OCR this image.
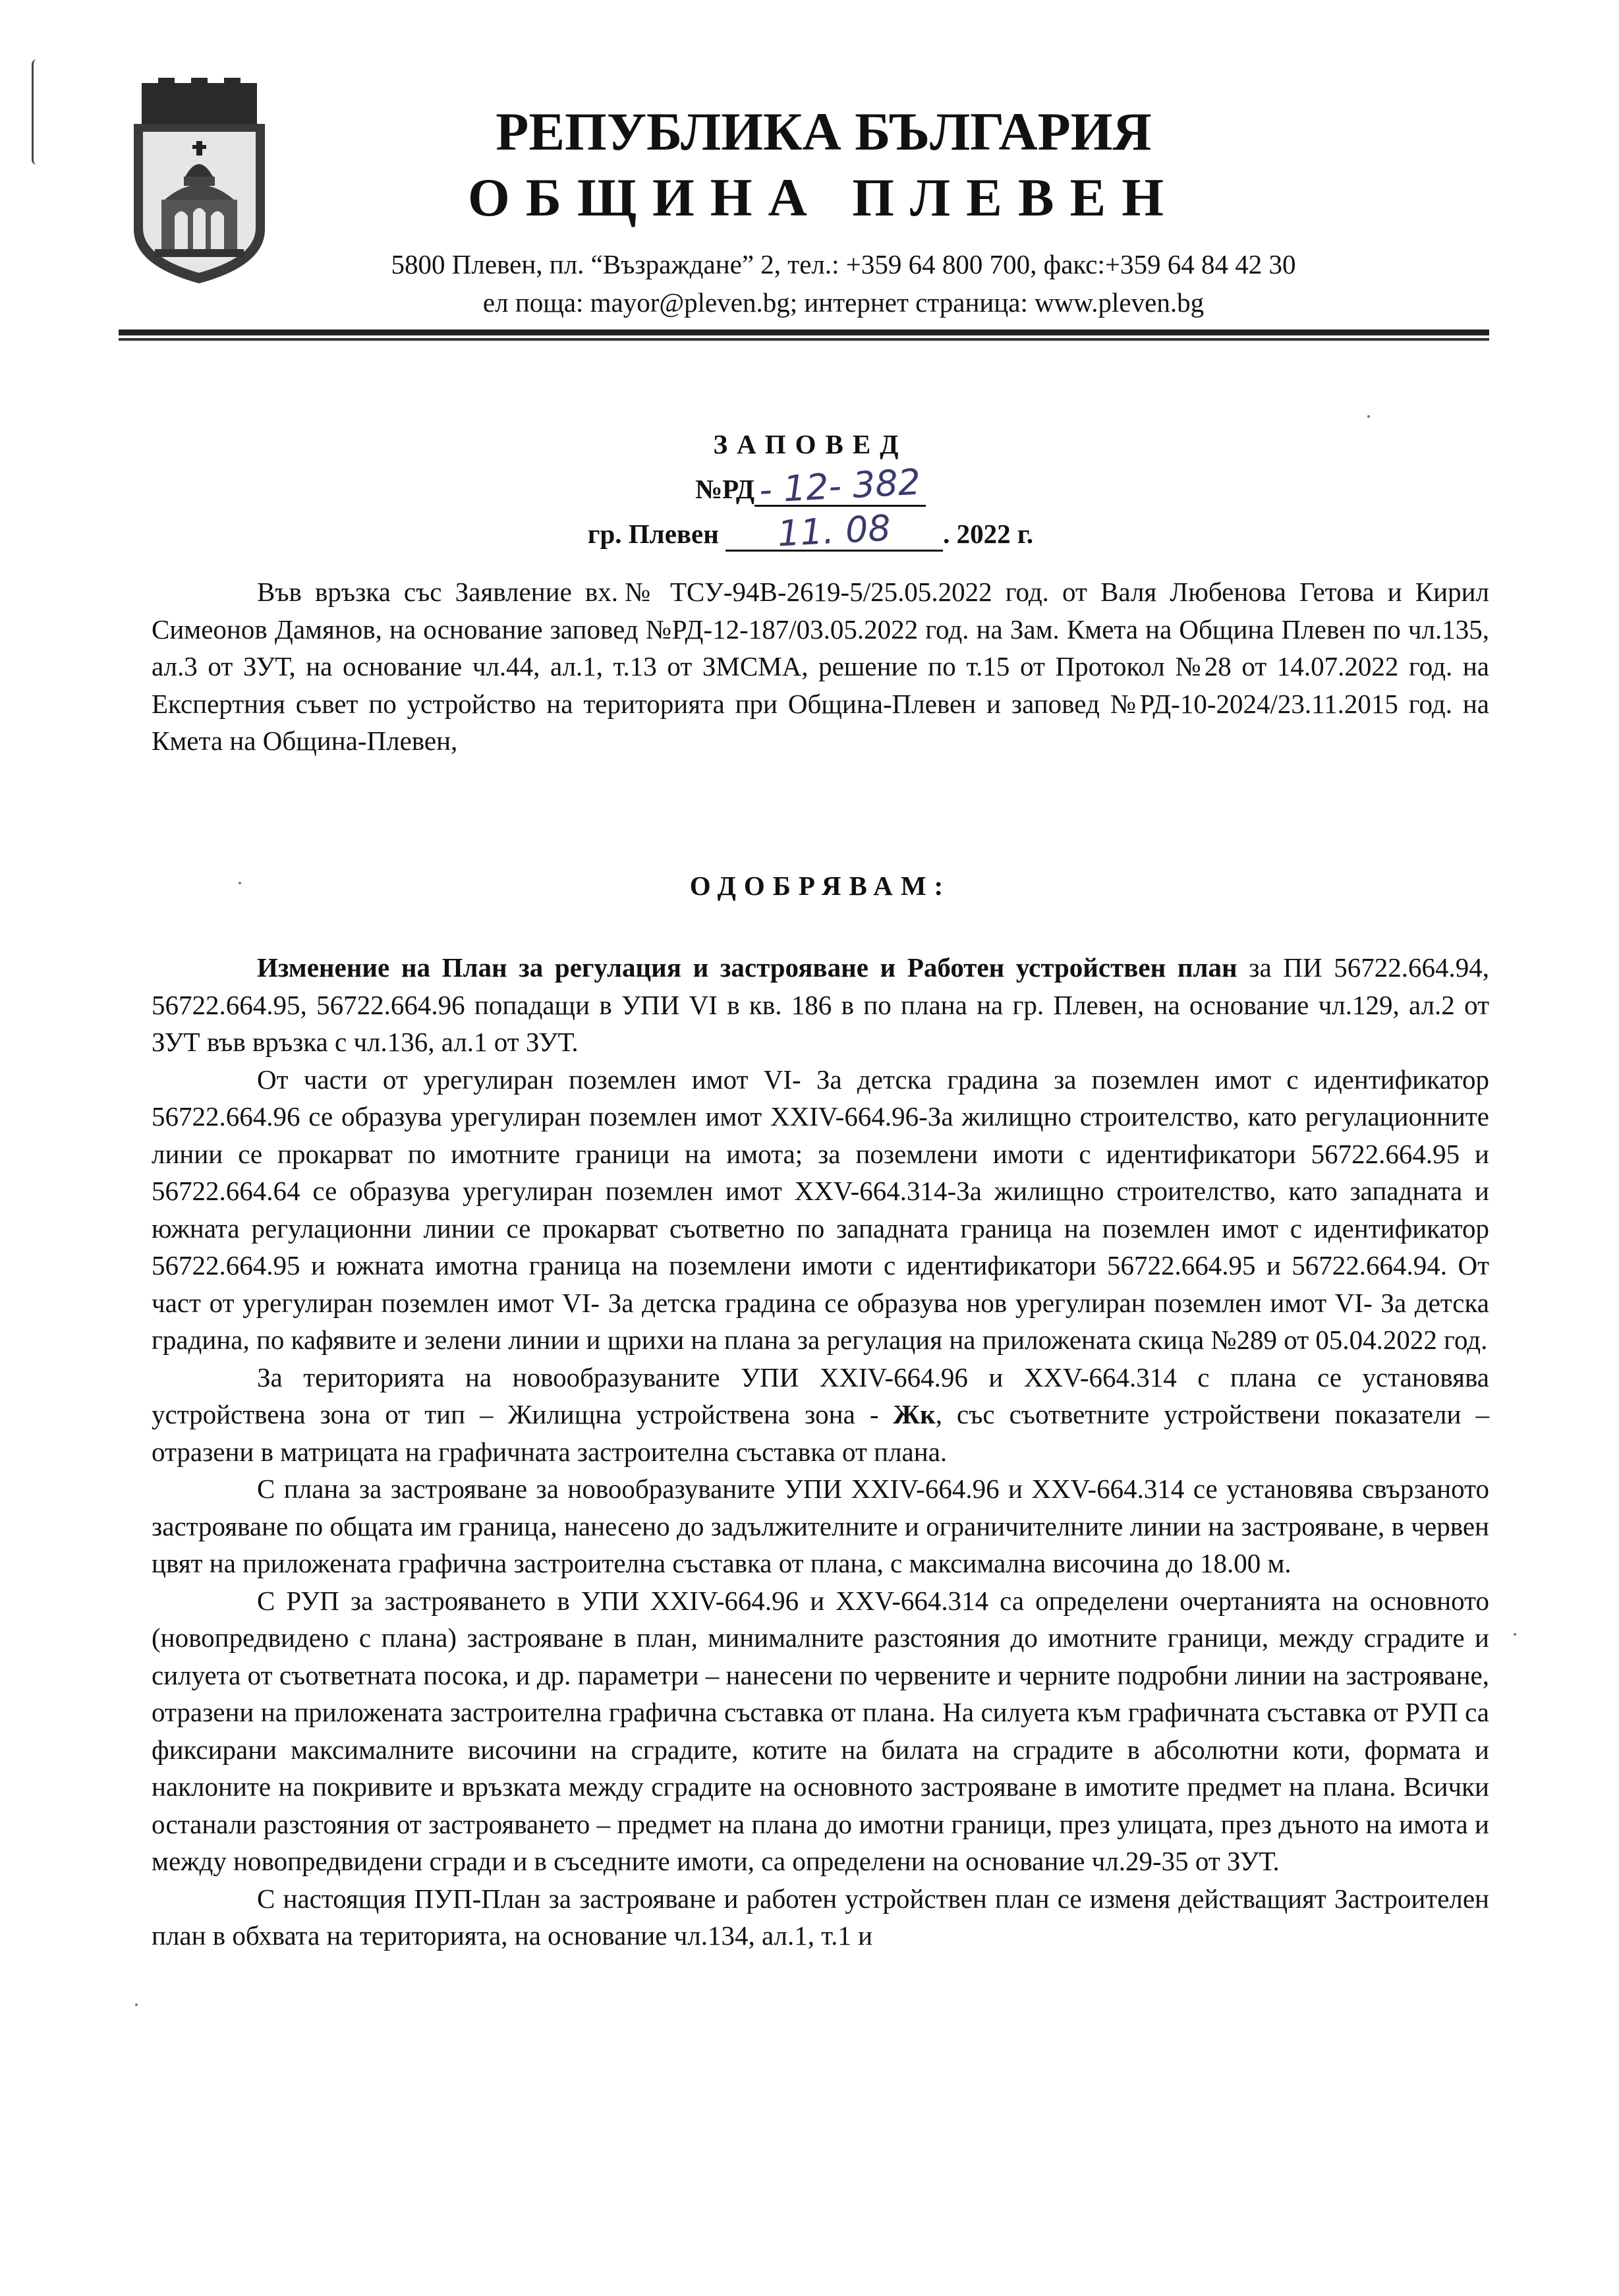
РЕПУБЛИКА БЪЛГАРИЯ
ОБЩИНА ПЛЕВЕН
5800 Плевен, пл. “Възраждане” 2, тел.: +359 64 800 700, факс:+359 64 84 42 30
ел поща: mayor@pleven.bg; интернет страница: www.pleven.bg
ЗАПОВЕД
№РД - 12- 382
гр. Плевен 11. 08 . 2022 г.

Във връзка със Заявление вх.№ ТСУ-94В-2619-5/25.05.2022 год. от Валя Любенова Гетова и Кирил Симеонов Дамянов, на основание заповед №РД-12-187/03.05.2022 год. на Зам. Кмета на Община Плевен по чл.135, ал.3 от ЗУТ, на основание чл.44, ал.1, т.13 от ЗМСМА, решение по т.15 от Протокол №28 от 14.07.2022 год. на Експертния съвет по устройство на територията при Община-Плевен и заповед №РД-10-2024/23.11.2015 год. на Кмета на Община-Плевен,

ОДОБРЯВАМ:

Изменение на План за регулация и застрояване и Работен устройствен план за ПИ 56722.664.94, 56722.664.95, 56722.664.96 попадащи в УПИ VI в кв. 186 в по плана на гр. Плевен, на основание чл.129, ал.2 от ЗУТ във връзка с чл.136, ал.1 от ЗУТ.

От части от урегулиран поземлен имот VI- За детска градина за поземлен имот с идентификатор 56722.664.96 се образува урегулиран поземлен имот XXIV-664.96-За жилищно строителство, като регулационните линии се прокарват по имотните граници на имота; за поземлени имоти с идентификатори 56722.664.95 и 56722.664.64 се образува урегулиран поземлен имот XXV-664.314-За жилищно строителство, като западната и южната регулационни линии се прокарват съответно по западната граница на поземлен имот с идентификатор 56722.664.95 и южната имотна граница на поземлени имоти с идентификатори 56722.664.95 и 56722.664.94. От част от урегулиран поземлен имот VI- За детска градина се образува нов урегулиран поземлен имот VI- За детска градина, по кафявите и зелени линии и щрихи на плана за регулация на приложената скица №289 от 05.04.2022 год.

За територията на новообразуваните УПИ XXIV-664.96 и XXV-664.314 с плана се установява устройствена зона от тип – Жилищна устройствена зона - Жк, със съответните устройствени показатели – отразени в матрицата на графичната застроителна съставка от плана.

С плана за застрояване за новообразуваните УПИ XXIV-664.96 и XXV-664.314 се установява свързаното застрояване по общата им граница, нанесено до задължителните и ограничителните линии на застрояване, в червен цвят на приложената графична застроителна съставка от плана, с максимална височина до 18.00 м.

С РУП за застрояването в УПИ XXIV-664.96 и XXV-664.314 са определени очертанията на основното (новопредвидено с плана) застрояване в план, минималните разстояния до имотните граници, между сградите и силуета от съответната посока, и др. параметри – нанесени по червените и черните подробни линии на застрояване, отразени на приложената застроителна графична съставка от плана. На силуета към графичната съставка от РУП са фиксирани максималните височини на сградите, котите на билата на сградите в абсолютни коти, формата и наклоните на покривите и връзката между сградите на основното застрояване в имотите предмет на плана. Всички останали разстояния от застрояването – предмет на плана до имотни граници, през улицата, през дъното на имота и между новопредвидени сгради и в съседните имоти, са определени на основание чл.29-35 от ЗУТ.

С настоящия ПУП-План за застрояване и работен устройствен план се изменя действащият Застроителен план в обхвата на територията, на основание чл.134, ал.1, т.1 и
